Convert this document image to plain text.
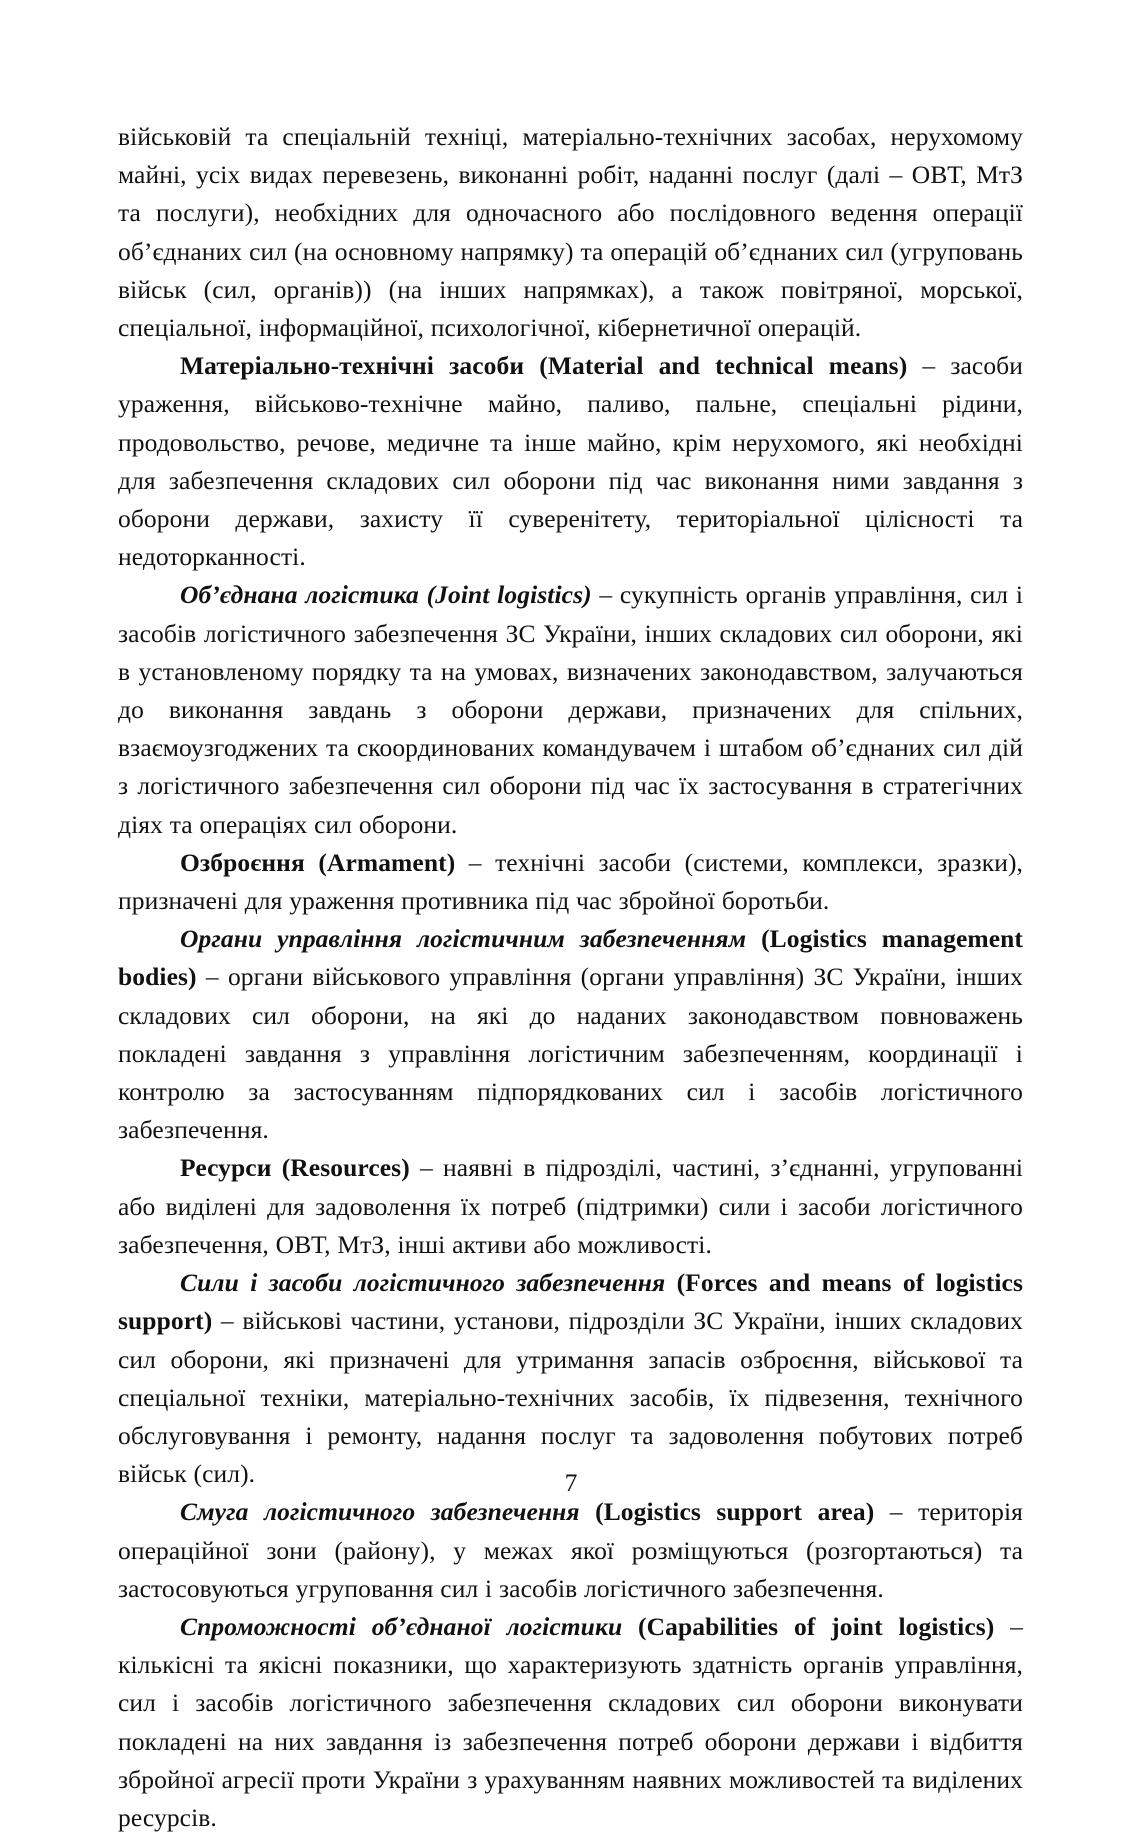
військовій та спеціальній техніці, матеріально-технічних засобах, нерухомому майні, усіх видах перевезень, виконанні робіт, наданні послуг (далі – ОВТ, МтЗ та послуги), необхідних для одночасного або послідовного ведення операції об’єднаних сил (на основному напрямку) та операцій об’єднаних сил (угруповань військ (сил, органів)) (на інших напрямках), а також повітряної, морської, спеціальної, інформаційної, психологічної, кібернетичної операцій.

Матеріально-технічні засоби (Material and technical means) – засоби ураження, військово-технічне майно, паливо, пальне, спеціальні рідини, продовольство, речове, медичне та інше майно, крім нерухомого, які необхідні для забезпечення складових сил оборони під час виконання ними завдання з оборони держави, захисту її суверенітету, територіальної цілісності та недоторканності.

Об’єднана логістика (Joint logistics) – сукупність органів управління, сил і засобів логістичного забезпечення ЗС України, інших складових сил оборони, які в установленому порядку та на умовах, визначених законодавством, залучаються до виконання завдань з оборони держави, призначених для спільних, взаємоузгоджених та скоординованих командувачем і штабом об’єднаних сил дій з логістичного забезпечення сил оборони під час їх застосування в стратегічних діях та операціях сил оборони.

Озброєння (Armament) – технічні засоби (системи, комплекси, зразки), призначені для ураження противника під час збройної боротьби.

Органи управління логістичним забезпеченням (Logistics management bodies) – органи військового управління (органи управління) ЗС України, інших складових сил оборони, на які до наданих законодавством повноважень покладені завдання з управління логістичним забезпеченням, координації і контролю за застосуванням підпорядкованих сил і засобів логістичного забезпечення.

Ресурси (Resources) – наявні в підрозділі, частині, з’єднанні, угрупованні або виділені для задоволення їх потреб (підтримки) сили і засоби логістичного забезпечення, ОВТ, МтЗ, інші активи або можливості.

Сили і засоби логістичного забезпечення (Forces and means of logistics support) – військові частини, установи, підрозділи ЗС України, інших складових сил оборони, які призначені для утримання запасів озброєння, військової та спеціальної техніки, матеріально-технічних засобів, їх підвезення, технічного обслуговування і ремонту, надання послуг та задоволення побутових потреб військ (сил).

Смуга логістичного забезпечення (Logistics support area) – територія операційної зони (району), у межах якої розміщуються (розгортаються) та застосовуються угруповання сил і засобів логістичного забезпечення.

Спроможності об’єднаної логістики (Capabilities of joint logistics) – кількісні та якісні показники, що характеризують здатність органів управління, сил і засобів логістичного забезпечення складових сил оборони виконувати покладені на них завдання із забезпечення потреб оборони держави і відбиття збройної агресії проти України з урахуванням наявних можливостей та виділених ресурсів.

7
